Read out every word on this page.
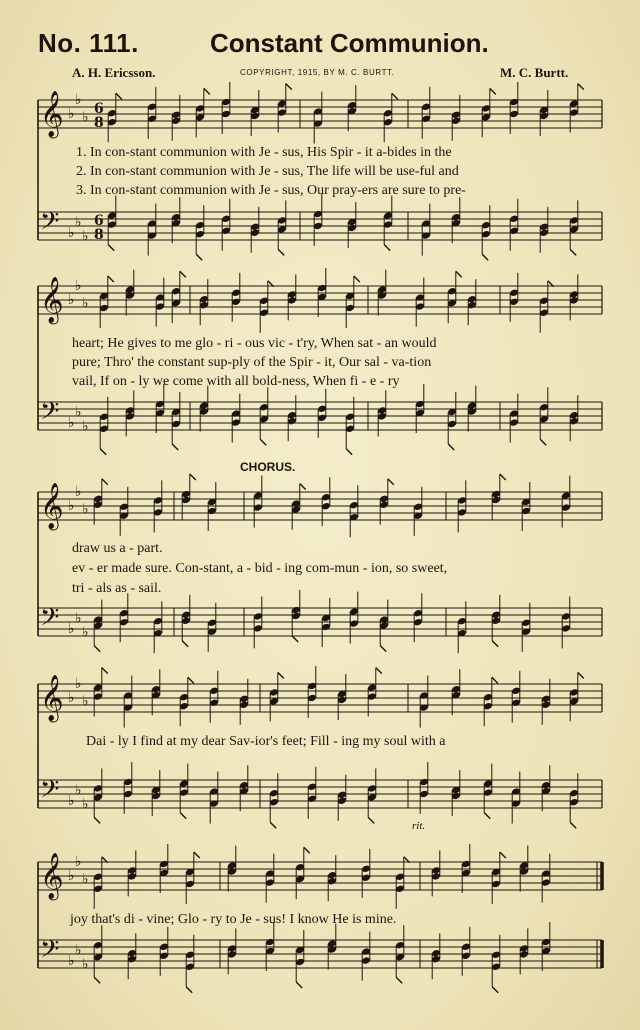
No. 111.	Constant Communion.
A. H. Ericsson.	COPYRIGHT, 1915, BY M. C. BURTT.	M. C. Burtt.
𝄞
𝄢
♭
♭
♭
♭
♭
♭
6
8
6
8
𝄞
𝄢
♭
♭
♭
♭
♭
♭
𝄞
𝄢
♭
♭
♭
♭
♭
♭
𝄞
𝄢
♭
♭
♭
♭
♭
♭
𝄞
𝄢
♭
♭
♭
♭
♭
♭
CHORUS.
rit.
1. In con-stant communion with Je - sus, His Spir - it a-bides in the
2. In con-stant communion with Je - sus, The life will be use-ful and
3. In con-stant communion with Je - sus, Our pray-ers are sure to pre-
heart; He gives to me glo - ri - ous vic - t'ry, When sat - an would
pure; Thro' the constant sup-ply of the Spir - it, Our sal - va-tion
vail, If on - ly we come with all bold-ness, When fi - e - ry
draw us a - part.
ev - er made sure. Con-stant, a - bid - ing com-mun - ion, so sweet,
tri - als as - sail.
Dai - ly I find at my dear Sav-ior's feet; Fill - ing my soul with a
joy that's di - vine; Glo - ry to Je - sus! I know He is mine.
